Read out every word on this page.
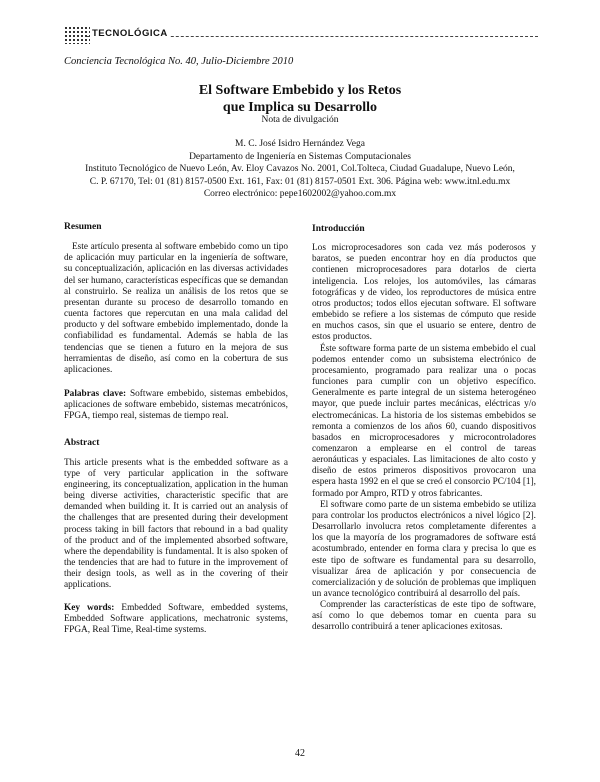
TECNOLÓGICA
Conciencia Tecnológica No. 40, Julio-Diciembre 2010
El Software Embebido y los Retos
que Implica su Desarrollo
Nota de divulgación
M. C. José Isidro Hernández Vega
Departamento de Ingeniería en Sistemas Computacionales
Instituto Tecnológico de Nuevo León, Av. Eloy Cavazos No. 2001, Col.Tolteca, Ciudad Guadalupe, Nuevo León,
C. P. 67170, Tel: 01 (81) 8157-0500 Ext. 161, Fax: 01 (81) 8157-0501 Ext. 306. Página web: www.itnl.edu.mx
Correo electrónico: pepe1602002@yahoo.com.mx

Resumen

Este artículo presenta al software embebido como un tipo de aplicación muy particular en la ingeniería de software, su conceptualización, aplicación en las diversas actividades del ser humano, características específicas que se demandan al construirlo. Se realiza un análisis de los retos que se presentan durante su proceso de desarrollo tomando en cuenta factores que repercutan en una mala calidad del producto y del software embebido implementado, donde la confiabilidad es fundamental. Además se habla de las tendencias que se tienen a futuro en la mejora de sus herramientas de diseño, así como en la cobertura de sus aplicaciones.

Palabras clave: Software embebido, sistemas embebidos, aplicaciones de software embebido, sistemas mecatrónicos, FPGA, tiempo real, sistemas de tiempo real.

Abstract

This article presents what is the embedded software as a type of very particular application in the software engineering, its conceptualization, application in the human being diverse activities, characteristic specific that are demanded when building it. It is carried out an analysis of the challenges that are presented during their development process taking in bill factors that rebound in a bad quality of the product and of the implemented absorbed software, where the dependability is fundamental. It is also spoken of the tendencies that are had to future in the improvement of their design tools, as well as in the covering of their applications.

Key words: Embedded Software, embedded systems, Embedded Software applications, mechatronic systems, FPGA, Real Time, Real-time systems.

Introducción

Los microprocesadores son cada vez más poderosos y baratos, se pueden encontrar hoy en día productos que contienen microprocesadores para dotarlos de cierta inteligencia. Los relojes, los automóviles, las cámaras fotográficas y de video, los reproductores de música entre otros productos; todos ellos ejecutan software. El software embebido se refiere a los sistemas de cómputo que reside en muchos casos, sin que el usuario se entere, dentro de estos productos.

Éste software forma parte de un sistema embebido el cual podemos entender como un subsistema electrónico de procesamiento, programado para realizar una o pocas funciones para cumplir con un objetivo específico. Generalmente es parte integral de un sistema heterogéneo mayor, que puede incluir partes mecánicas, eléctricas y/o electromecánicas. La historia de los sistemas embebidos se remonta a comienzos de los años 60, cuando dispositivos basados en microprocesadores y microcontroladores comenzaron a emplearse en el control de tareas aeronáuticas y espaciales. Las limitaciones de alto costo y diseño de estos primeros dispositivos provocaron una espera hasta 1992 en el que se creó el consorcio PC/104 [1], formado por Ampro, RTD y otros fabricantes.

El software como parte de un sistema embebido se utiliza para controlar los productos electrónicos a nivel lógico [2]. Desarrollarlo involucra retos completamente diferentes a los que la mayoría de los programadores de software está acostumbrado, entender en forma clara y precisa lo que es este tipo de software es fundamental para su desarrollo, visualizar área de aplicación y por consecuencia de comercialización y de solución de problemas que impliquen un avance tecnológico contribuirá al desarrollo del país.

Comprender las características de este tipo de software, así como lo que debemos tomar en cuenta para su desarrollo contribuirá a tener aplicaciones exitosas.

42
